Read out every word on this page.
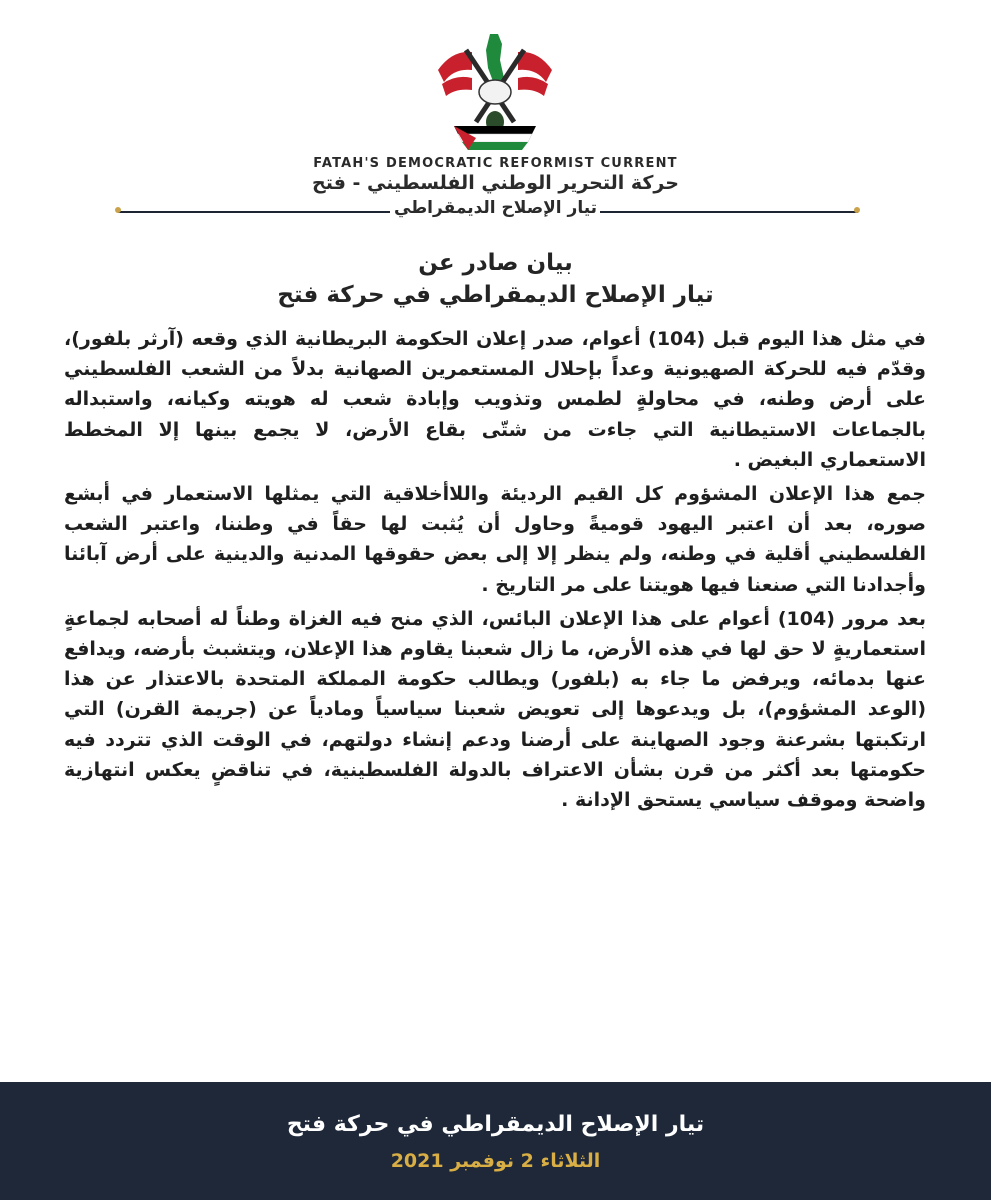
FATAH'S DEMOCRATIC REFORMIST CURRENT
حركة التحرير الوطني الفلسطيني - فتح
تيار الإصلاح الديمقراطي
بيان صادر عن
تيار الإصلاح الديمقراطي في حركة فتح

في مثل هذا اليوم قبل (104) أعوام، صدر إعلان الحكومة البريطانية الذي وقعه (آرثر بلفور)، وقدّم فيه للحركة الصهيونية وعداً بإحلال المستعمرين الصهانية بدلاً من الشعب الفلسطيني على أرض وطنه، في محاولةٍ لطمس وتذويب وإبادة شعب له هويته وكيانه، واستبداله بالجماعات الاستيطانية التي جاءت من شتّى بقاع الأرض، لا يجمع بينها إلا المخطط الاستعماري البغيض .

جمع هذا الإعلان المشؤوم كل القيم الرديئة واللاأخلاقية التي يمثلها الاستعمار في أبشع صوره، بعد أن اعتبر اليهود قوميةً وحاول أن يُثبت لها حقاً في وطننا، واعتبر الشعب الفلسطيني أقلية في وطنه، ولم ينظر إلا إلى بعض حقوقها المدنية والدينية على أرض آبائنا وأجدادنا التي صنعنا فيها هويتنا على مر التاريخ .

بعد مرور (104) أعوام على هذا الإعلان البائس، الذي منح فيه الغزاة وطناً له أصحابه لجماعةٍ استعماريةٍ لا حق لها في هذه الأرض، ما زال شعبنا يقاوم هذا الإعلان، ويتشبث بأرضه، ويدافع عنها بدمائه، ويرفض ما جاء به (بلفور) ويطالب حكومة المملكة المتحدة بالاعتذار عن هذا (الوعد المشؤوم)، بل ويدعوها إلى تعويض شعبنا سياسياً ومادياً عن (جريمة القرن) التي ارتكبتها بشرعنة وجود الصهاينة على أرضنا ودعم إنشاء دولتهم، في الوقت الذي تتردد فيه حكومتها بعد أكثر من قرن بشأن الاعتراف بالدولة الفلسطينية، في تناقضٍ يعكس انتهازية واضحة وموقف سياسي يستحق الإدانة .

تيار الإصلاح الديمقراطي في حركة فتح
الثلاثاء 2 نوفمبر 2021
